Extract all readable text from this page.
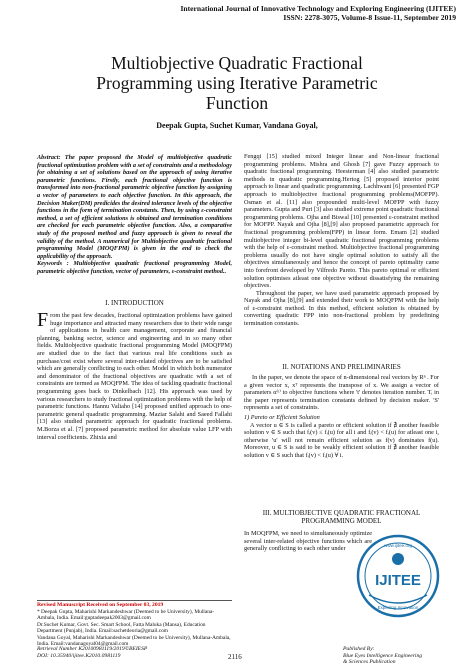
International Journal of Innovative Technology and Exploring Engineering (IJITEE)
ISSN: 2278-3075, Volume-8 Issue-11, September 2019
Multiobjective Quadratic Fractional
Programming using Iterative Parametric
Function
Deepak Gupta, Suchet Kumar, Vandana Goyal,
Abstract: The paper proposed the Model of multiobjective quadratic fractional optimization problem with a set of constraints and a methodology for obtaining a set of solutions based on the approach of using iterative parametric functions. Firstly, each fractional objective function is transformed into non-fractional parametric objective function by assigning a vector of parameters to each objective function. In this approach, the Decision Maker(DM) predicides the desired tolerance levels of the objective functions in the form of termination constants. Then, by using ε-constraint method, a set of efficient solutions is obtained and termination conditions are checked for each parametric objective function. Also, a comparative study of the proposed method and fuzzy approach is given to reveal the validity of the method. A numerical for Multiobjective quadratic fractional programming Model (MOQFPM) is given in the end to check the applicability of the approach.
Keywords : Multiobjective quadratic fractional programming Model, parametric objective function, vector of parameters, ε-constraint method..
I. INTRODUCTION
From the past few decades, fractional optimization problems have gained huge importance and attracted many researchers due to their wide range of applications in health care management, corporate and financial planning, banking sector, science and engineering and in so many other fields. Multiobjective quadratic fractional programming Model (MOQFPM) are studied due to the fact that various real life conditions such as purchase/cost exist where several inter-related objectives are to be satisfied which are generally conflicting to each other. Model in which both numerator and denominator of the fractional objectives are quadratic with a set of constraints are termed as MOQFPM. The idea of tackling quadratic fractional programming goes back to Dinkelbach [12]. His approach was used by various researchers to study fractional optimization problems with the help of parametric functions. Hannu Valiaho [14] proposed unified approach to one-parametric general quadratic programming. Maziar Salahi and Saeed Fallahi [13] also studied parametric approach for quadratic fractional problems. M.Borza et al. [7] proposed parametric method for absolute value LFP with interval coefficients. Zhixia and
Revised Manuscript Received on September 03, 2019
* Deepak Gupta, Maharishi Markandeshwar (Deemed to be University), Mullana-Ambala, India. Email:guptadeepak2003@gmail.com
Dr.Suchet Kumar, Govt. Sec. Smart School, Fatta Maluka (Mansa), Education Department (Punjab), India. Email:sachetdeoria@gmail.com
Vandana Goyal, Maharishi Markandeshwar (Deemed to be University), Mullana-Ambala, India. Email:vandanagoyal04@gmail.com
Fengqi [15] studied mixed Integer linear and Non-linear fractional programming problems. Mishra and Ghosh [7] gave Fuzzy approach to quadratic fractional programming. Heesterman [4] also studied parametric methods in quadratic programming.Hertog [5] proposed interior point approach to linear and quadratic programming. Lachhwani [6] presented FGP approach to multiobjective fractional programming problems(MOFPP). Osman et al. [11] also propounded multi-level MOFPP with fuzzy parameters. Gupta and Puri [3] also studied extreme point quadratic fractional programming problems. Ojha and Biswal [10] presented ε-constraint method for MOFPP. Nayak and Ojha [8],[9] also proposed parametric approach for fractional programming problem(FPP) in linear form. Emam [2] studied multiobjective integer bi-level quadratic fractional programming problems with the help of ε-constraint method. Multiobjective fractional programming problems usually do not have single optimal solution to satisfy all the objectives simultaneously and hence the concept of pareto optimality came into forefront developed by Vilfredo Pareto. This pareto optimal or efficient solution optimises atleast one objective without dissatisfying the remaining objectives.
Throughout the paper, we have used parametric approach proposed by Nayak and Ojha [8],[9] and extended their work to MOQFPM with the help of ε-constraint method. In this method, efficient solution is obtained by converting quadratic FPP into non-fractional problem by predefining termination constants.
II. NOTATIONS AND PRELIMINARIES
In the paper, we denote the space of n-dimensional real vectors by Rⁿ . For a given vector x, xᵀ represents the transpose of x. We assign a vector of parameters α⁽ᵗ⁾ to objective functions where 't' denotes iteration number. Tᵢ in the paper represents termination constants defined by decision maker. 'S' represents a set of constraints.
1) Pareto or Efficient Solution
A vector u ∈ S is called a pareto or efficient solution if ∄ another feasible solution v ∈ S such that fᵢ(v) ≤ fᵢ(u) for all i and fᵢ(v) < fᵢ(u) for atleast one i, otherwise 'u' will not remain efficient solution as f(v) dominates f(u). Moreover, u ∈ S is said to be weakly efficient solution if ∄ another feasible solution v ∈ S such that fᵢ(v) < fᵢ(u) ∀ i.
III. MULTIOBJECTIVE QUADRATIC FRACTIONAL
PROGRAMMING MODEL
In MOQFPM, we need to simultaneously optimize several inter-related objective functions which are generally conflicting to each other under
IJITEE
www.ijitee.org
Exploring Innovation
Retrieval Number K20100981119/2019©BEIESP
DOI: 10.35940/ijitee.K2010.0981119	2116
Published By:
Blue Eyes Intelligence Engineering
& Sciences Publication
